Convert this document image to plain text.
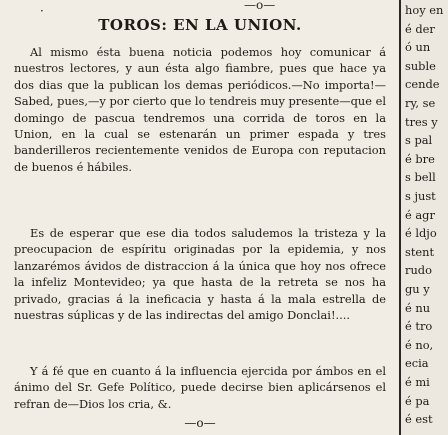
·	—o—
TOROS: EN LA UNION.

Al mismo ésta buena noticia podemos hoy comunicar á nuestros lectores, y aun ésta algo fiambre, pues que hace ya dos dias que la publican los demas periódicos.—No importa!—Sabed, pues,—y por cierto que lo tendreis muy presente—que el domingo de pascua tendremos una corrida de toros en la Union, en la cual se estenarán un primer espada y tres banderilleros recientemente venidos de Europa con reputacion de buenos é hábiles.

Es de esperar que ese dia todos saludemos la tristeza y la preocupacion de espíritu originadas por la epidemia, y nos lanzarémos ávidos de distraccion á la única que hoy nos ofrece la infeliz Montevideo; ya que hasta de la retreta se nos ha privado, gracias á la ineficacia y hasta á la mala estrella de nuestras súplicas y de las indirectas del amigo Donclai!....

Y á fé que en cuanto á la influencia ejercida por ámbos en el ánimo del Sr. Gefe Político, puede decirse bien aplicársenos el refran de—Dios los cria, &.

—o—
hoy en
é der
ó un
suble
cende
ry, se
tres y
s pal
é bre
s bell
s just
é agr
é ldjo
stent
rudo
gu y
é nu
é tro
é no,
ecia
é mi
é pa
é est
